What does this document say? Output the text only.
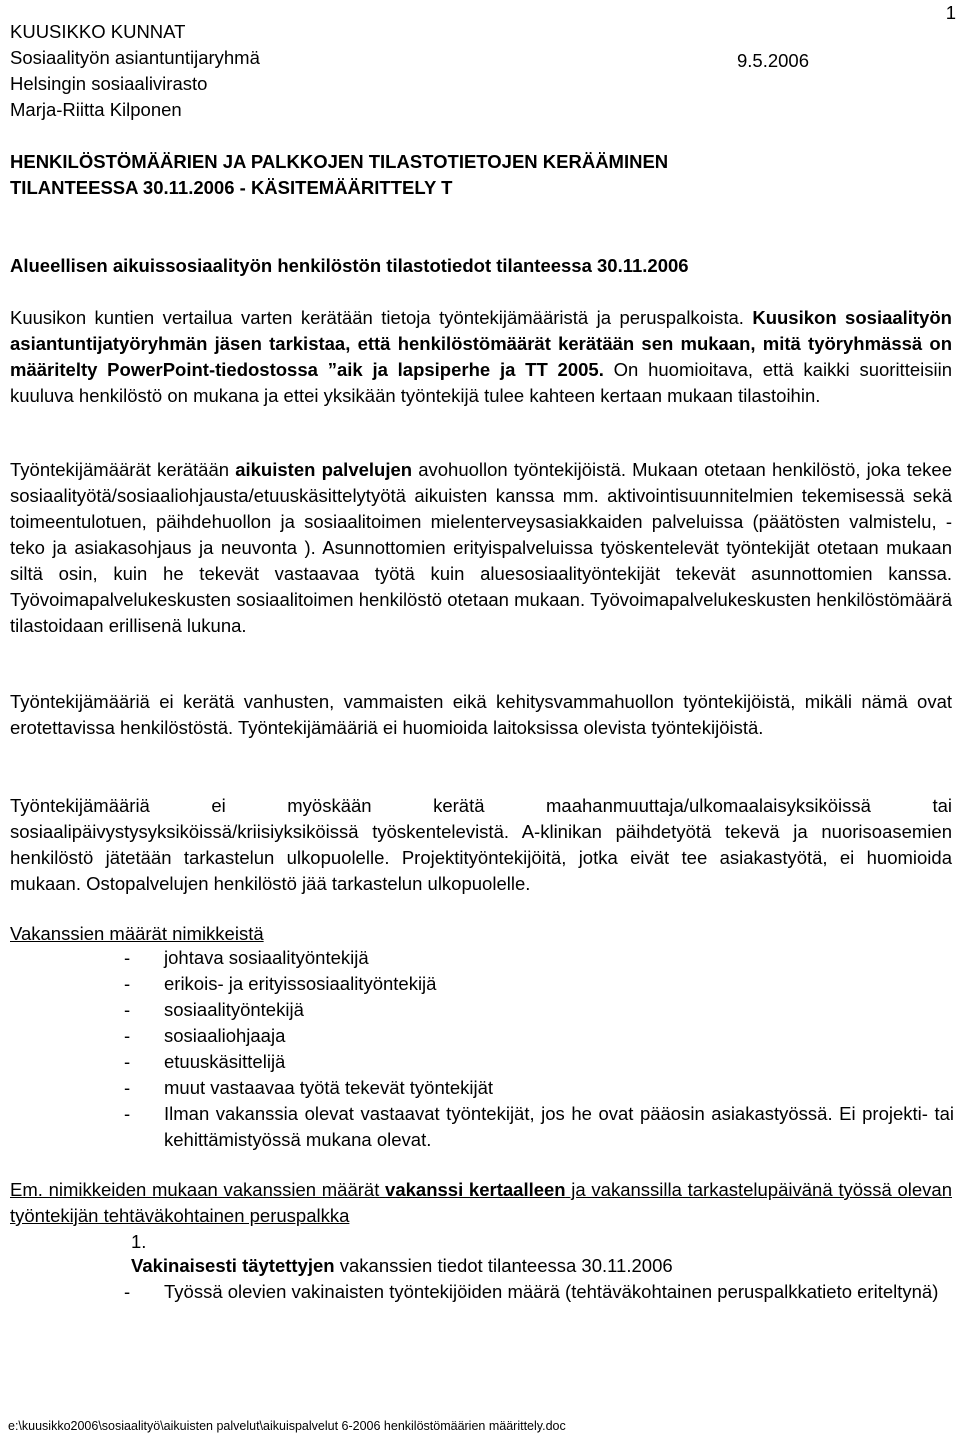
1
KUUSIKKO KUNNAT
Sosiaalityön asiantuntijaryhmä	9.5.2006
Helsingin sosiaalivirasto
Marja-Riitta Kilponen
HENKILÖSTÖMÄÄRIEN JA PALKKOJEN TILASTOTIETOJEN KERÄÄMINEN
TILANTEESSA 30.11.2006 - KÄSITEMÄÄRITTELY T
Alueellisen aikuissosiaalityön henkilöstön tilastotiedot tilanteessa 30.11.2006

Kuusikon kuntien vertailua varten kerätään tietoja työntekijämääristä ja peruspalkoista. Kuusikon sosiaalityön asiantuntijatyöryhmän jäsen tarkistaa, että henkilöstömäärät kerätään sen mukaan, mitä työryhmässä on määritelty PowerPoint-tiedostossa ”aik ja lapsiperhe ja TT 2005. On huomioitava, että kaikki suoritteisiin kuuluva henkilöstö on mukana ja ettei yksikään työntekijä tulee kahteen kertaan mukaan tilastoihin.

Työntekijämäärät kerätään aikuisten palvelujen avohuollon työntekijöistä. Mukaan otetaan henkilöstö, joka tekee sosiaalityötä/sosiaaliohjausta/etuuskäsittelytyötä aikuisten kanssa mm. aktivointisuunnitelmien tekemisessä sekä toimeentulotuen, päihdehuollon ja sosiaalitoimen mielenterveysasiakkaiden palveluissa (päätösten valmistelu, -teko ja asiakasohjaus ja neuvonta ). Asunnottomien erityispalveluissa työskentelevät työntekijät otetaan mukaan siltä osin, kuin he tekevät vastaavaa työtä kuin aluesosiaalityöntekijät tekevät asunnottomien kanssa. Työvoimapalvelukeskusten sosiaalitoimen henkilöstö otetaan mukaan. Työvoimapalvelukeskusten henkilöstömäärä tilastoidaan erillisenä lukuna.

Työntekijämääriä ei kerätä vanhusten, vammaisten eikä kehitysvammahuollon työntekijöistä, mikäli nämä ovat erotettavissa henkilöstöstä. Työntekijämääriä ei huomioida laitoksissa olevista työntekijöistä.

Työntekijämääriä ei myöskään kerätä maahanmuuttaja/ulkomaalaisyksiköissä tai sosiaalipäivystysyksiköissä/kriisiyksiköissä työskentelevistä. A-klinikan päihdetyötä tekevä ja nuorisoasemien henkilöstö jätetään tarkastelun ulkopuolelle. Projektityöntekijöitä, jotka eivät tee asiakastyötä, ei huomioida mukaan. Ostopalvelujen henkilöstö jää tarkastelun ulkopuolelle.

Vakanssien määrät nimikkeistä
-	johtava sosiaalityöntekijä
-	erikois- ja erityissosiaalityöntekijä
-	sosiaalityöntekijä
-	sosiaaliohjaaja
-	etuuskäsittelijä
-	muut vastaavaa työtä tekevät työntekijät
-	Ilman vakanssia olevat vastaavat työntekijät, jos he ovat pääosin asiakastyössä. Ei projekti- tai kehittämistyössä mukana olevat.

Em. nimikkeiden mukaan vakanssien määrät vakanssi kertaalleen ja vakanssilla tarkastelupäivänä työssä olevan työntekijän tehtäväkohtainen peruspalkka

1.
Vakinaisesti täytettyjen vakanssien tiedot tilanteessa 30.11.2006
-	Työssä olevien vakinaisten työntekijöiden määrä (tehtäväkohtainen peruspalkkatieto eriteltynä)
e:\kuusikko2006\sosiaalityö\aikuisten palvelut\aikuispalvelut 6-2006 henkilöstömäärien määrittely.doc
